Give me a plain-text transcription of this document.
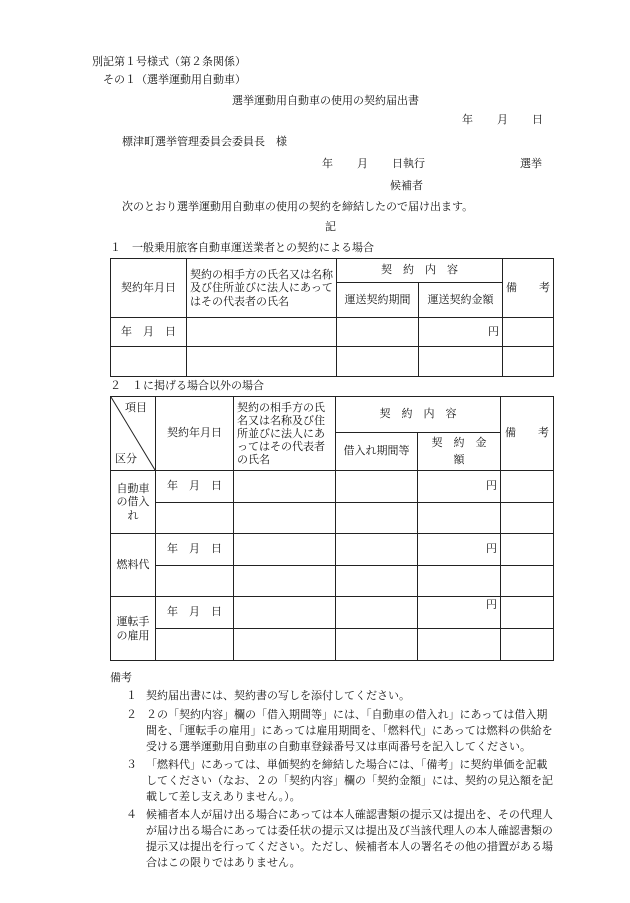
別記第１号様式（第２条関係）
その１（選挙運動用自動車）
選挙運動用自動車の使用の契約届出書
年 月 日
標津町選挙管理委員会委員長　様
年 月 日執行	選挙
候補者
次のとおり選挙運動用自動車の使用の契約を締結したので届け出ます。
記
１　一般乗用旅客自動車運送業者との契約による場合
契約年月日	契約の相手方の氏名又は名称及び住所並びに法人にあってはその代表者の氏名	契　約　内　容		備　　考
		運送契約期間	運送契約金額	
年　月　日			円	

２　１に掲げる場合以外の場合
項目
区分	契約年月日	契約の相手方の氏名又は名称及び住所並びに法人にあってはその代表者の氏名	契　約　内　容		備　　考
			借入れ期間等	契　約　金　額	
自動車の借入れ	年　月　日			円	

燃料代	年　月　日			円	

運転手の雇用	年　月　日			円	

備考
１ 契約届出書には、契約書の写しを添付してください。
２ ２の「契約内容」欄の「借入期間等」には、「自動車の借入れ」にあっては借入期間を、「運転手の雇用」にあっては雇用期間を、「燃料代」にあっては燃料の供給を受ける選挙運動用自動車の自動車登録番号又は車両番号を記入してください。
３ 「燃料代」にあっては、単価契約を締結した場合には、「備考」に契約単価を記載してください（なお、２の「契約内容」欄の「契約金額」には、契約の見込額を記載して差し支えありません。）。
４ 候補者本人が届け出る場合にあっては本人確認書類の提示又は提出を、その代理人が届け出る場合にあっては委任状の提示又は提出及び当該代理人の本人確認書類の提示又は提出を行ってください。ただし、候補者本人の署名その他の措置がある場合はこの限りではありません。
